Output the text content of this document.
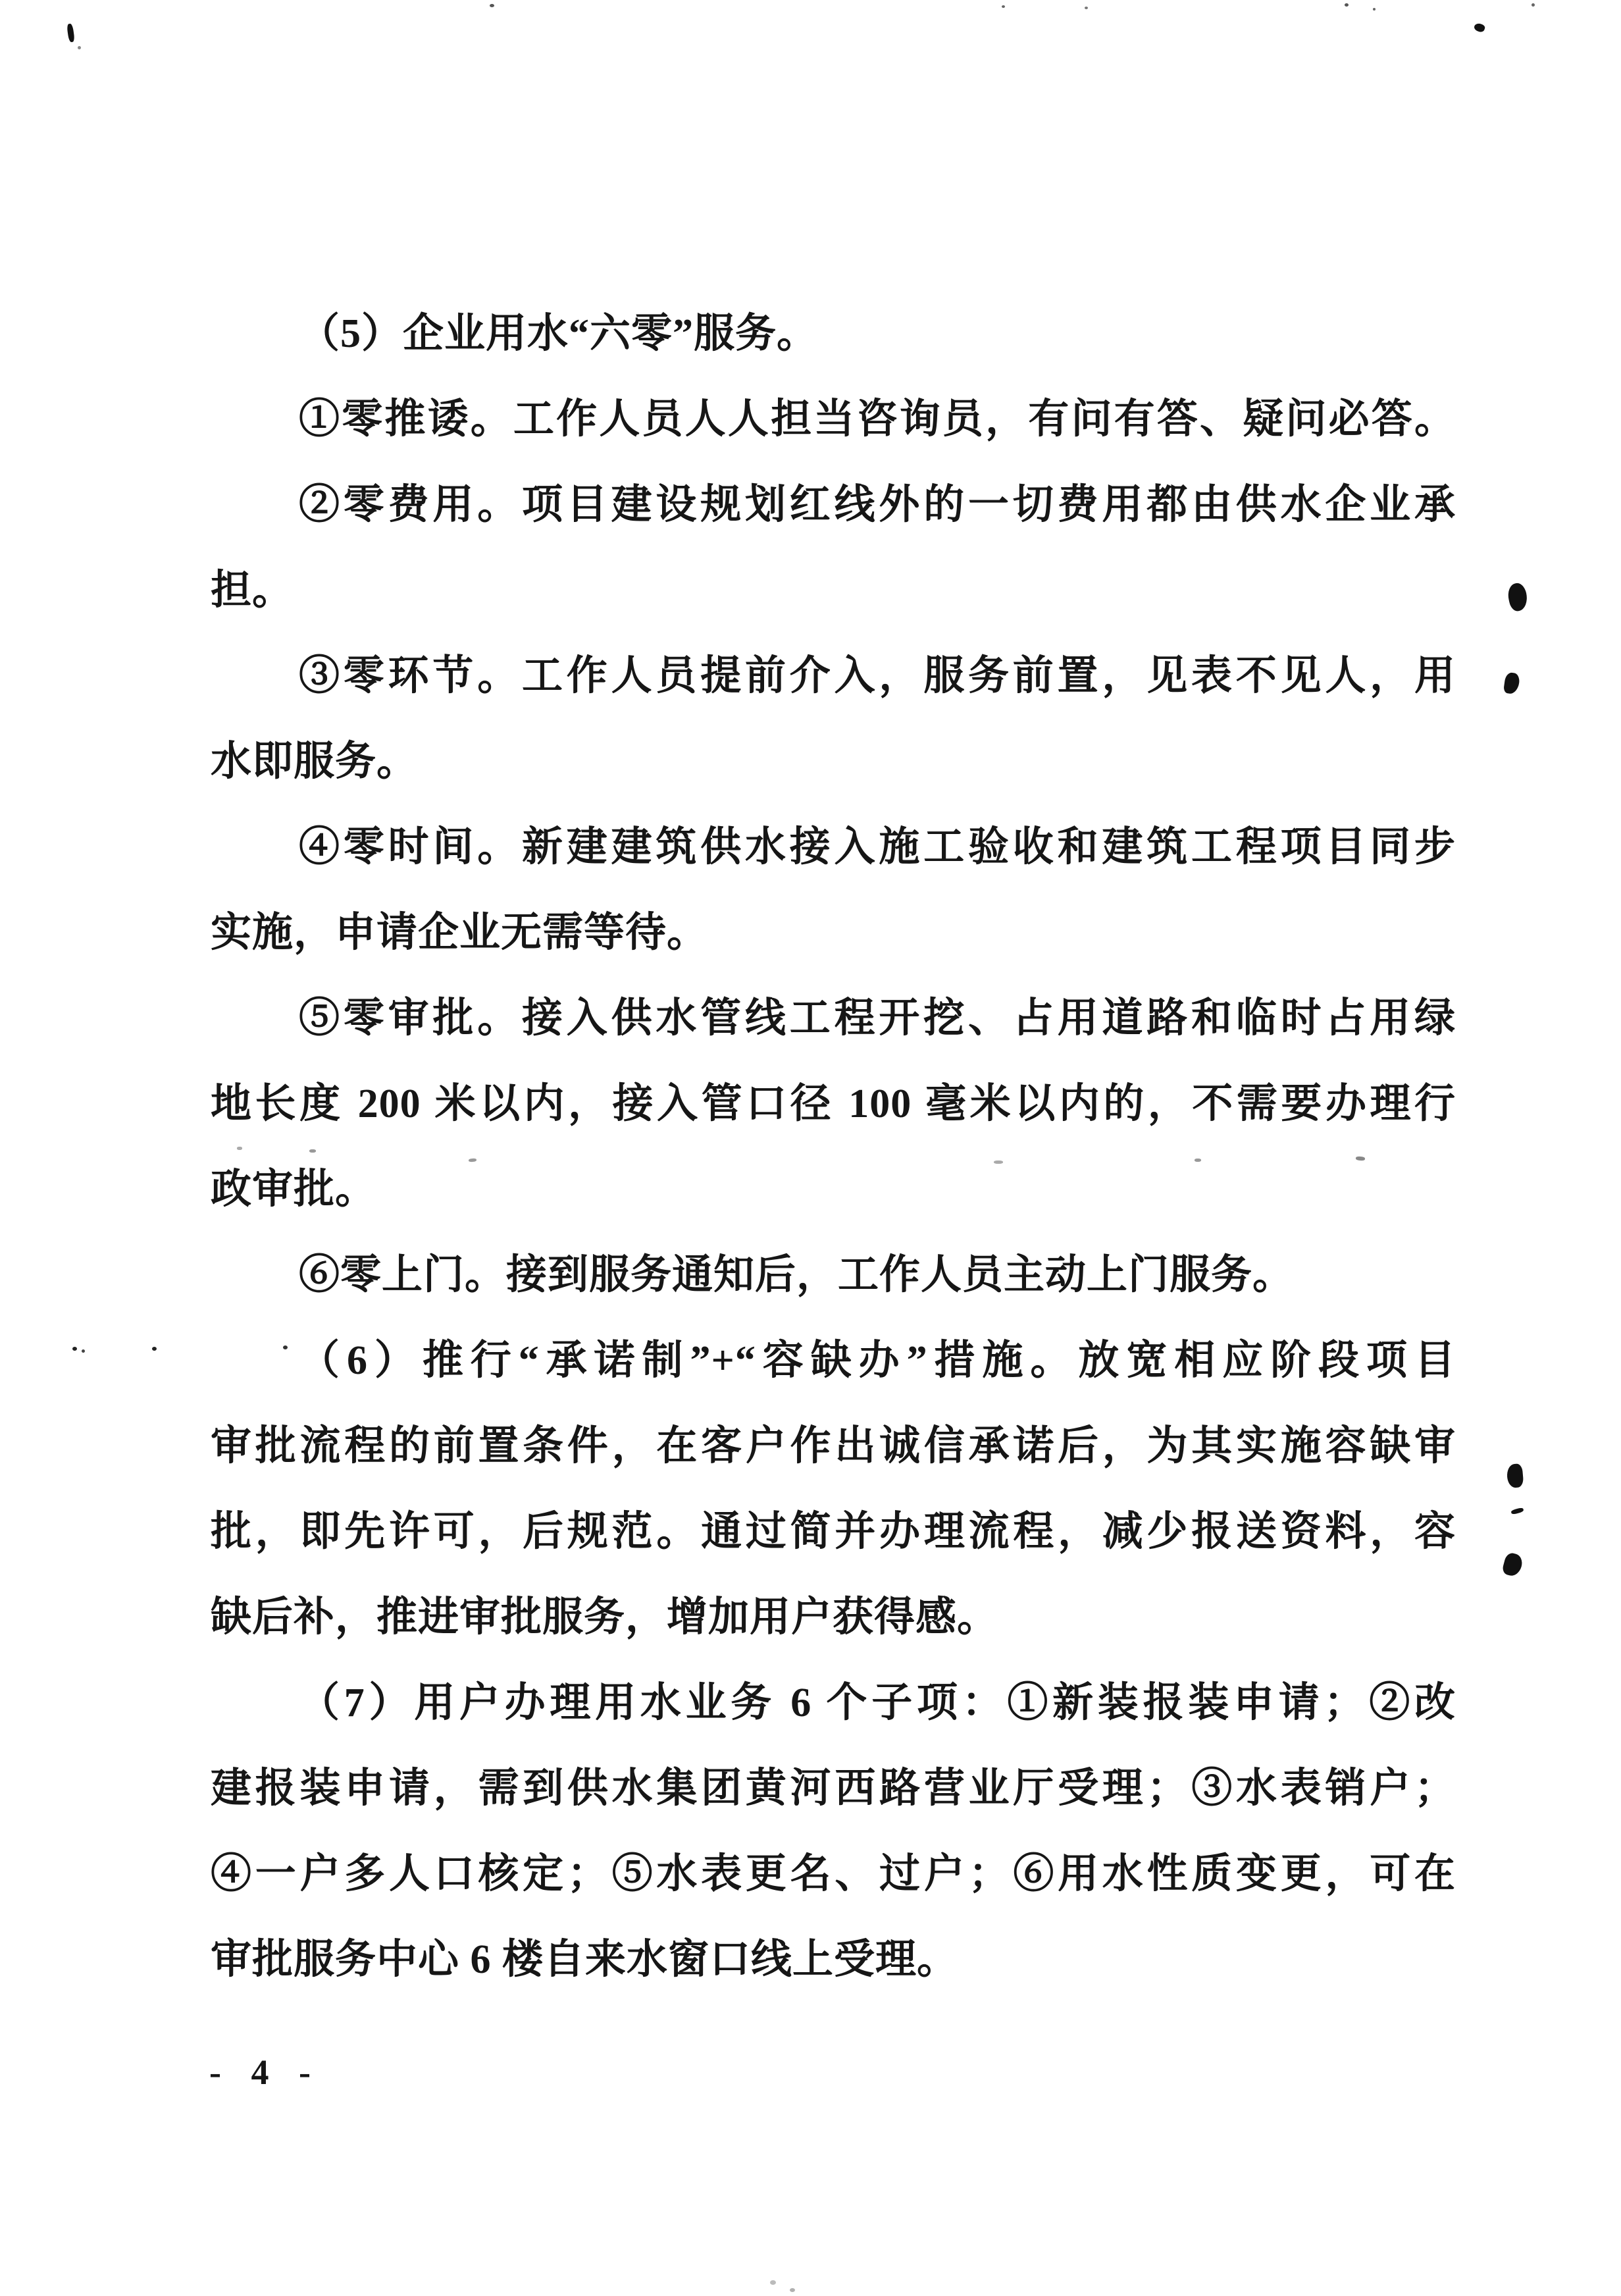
（5）企业用水“六零”服务。
①零推诿。工作人员人人担当咨询员，有问有答、疑问必答。
②零费用。项目建设规划红线外的一切费用都由供水企业承
担。
③零环节。工作人员提前介入，服务前置，见表不见人，用
水即服务。
④零时间。新建建筑供水接入施工验收和建筑工程项目同步
实施，申请企业无需等待。
⑤零审批。接入供水管线工程开挖、占用道路和临时占用绿
地长度 200 米以内，接入管口径 100 毫米以内的，不需要办理行
政审批。
⑥零上门。接到服务通知后，工作人员主动上门服务。
（6）推行“承诺制”+“容缺办”措施。放宽相应阶段项目
审批流程的前置条件，在客户作出诚信承诺后，为其实施容缺审
批，即先许可，后规范。通过简并办理流程，减少报送资料，容
缺后补，推进审批服务，增加用户获得感。
（7）用户办理用水业务 6 个子项：①新装报装申请；②改
建报装申请，需到供水集团黄河西路营业厅受理；③水表销户；
④一户多人口核定；⑤水表更名、过户；⑥用水性质变更，可在
审批服务中心 6 楼自来水窗口线上受理。
- 4 -
